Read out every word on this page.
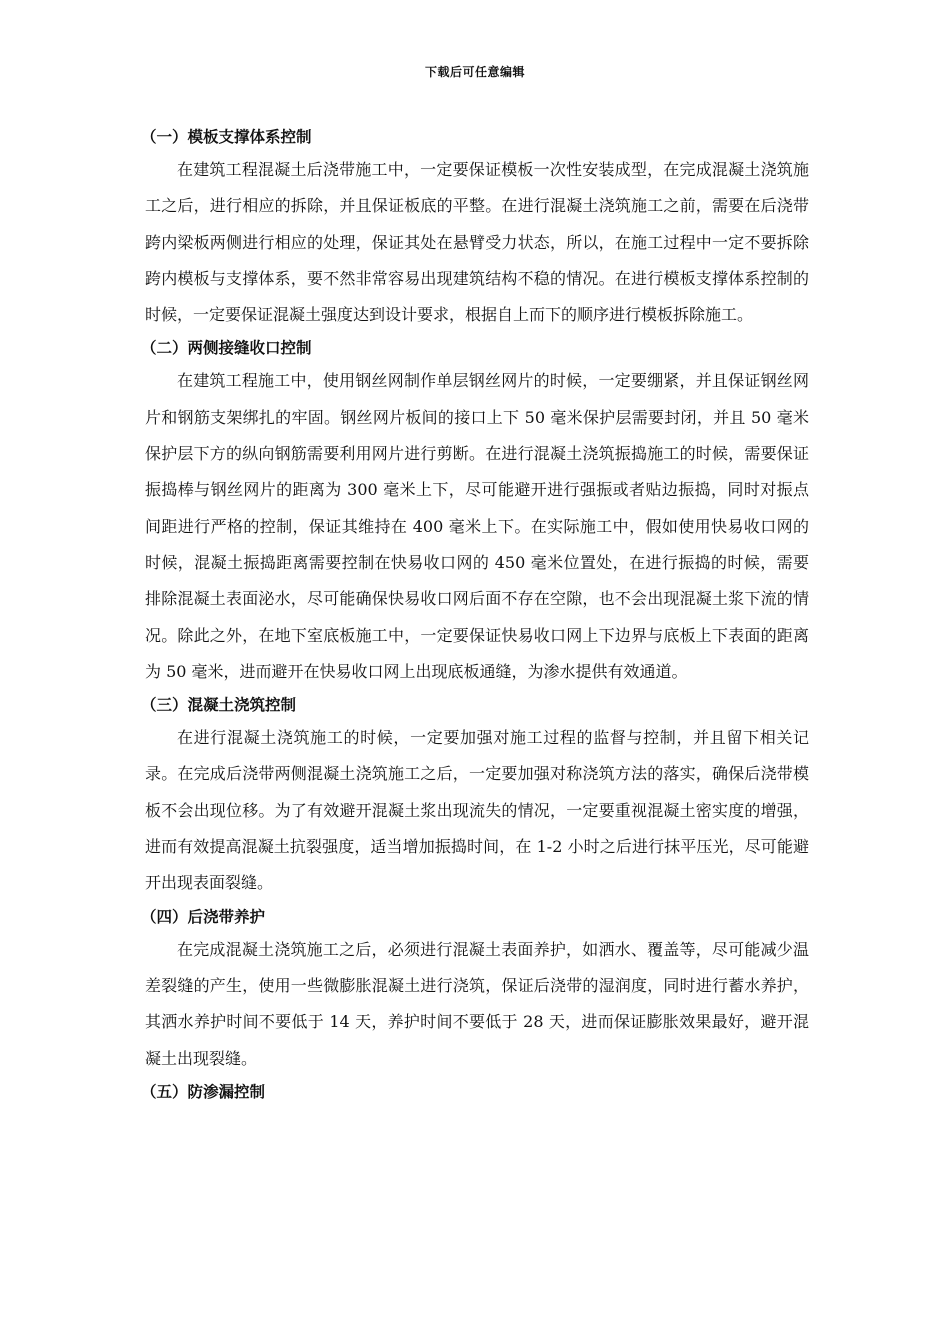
下载后可任意编辑
（一）模板支撑体系控制

在建筑工程混凝土后浇带施工中，一定要保证模板一次性安装成型，在完成混凝土浇筑施工之后，进行相应的拆除，并且保证板底的平整。在进行混凝土浇筑施工之前，需要在后浇带跨内梁板两侧进行相应的处理，保证其处在悬臂受力状态，所以，在施工过程中一定不要拆除跨内模板与支撑体系，要不然非常容易出现建筑结构不稳的情况。在进行模板支撑体系控制的时候，一定要保证混凝土强度达到设计要求，根据自上而下的顺序进行模板拆除施工。

（二）两侧接缝收口控制

在建筑工程施工中，使用钢丝网制作单层钢丝网片的时候，一定要绷紧，并且保证钢丝网片和钢筋支架绑扎的牢固。钢丝网片板间的接口上下 50 毫米保护层需要封闭，并且 50 毫米保护层下方的纵向钢筋需要利用网片进行剪断。在进行混凝土浇筑振捣施工的时候，需要保证振捣棒与钢丝网片的距离为 300 毫米上下，尽可能避开进行强振或者贴边振捣，同时对振点间距进行严格的控制，保证其维持在 400 毫米上下。在实际施工中，假如使用快易收口网的时候，混凝土振捣距离需要控制在快易收口网的 450 毫米位置处，在进行振捣的时候，需要排除混凝土表面泌水，尽可能确保快易收口网后面不存在空隙，也不会出现混凝土浆下流的情况。除此之外，在地下室底板施工中，一定要保证快易收口网上下边界与底板上下表面的距离为 50 毫米，进而避开在快易收口网上出现底板通缝，为渗水提供有效通道。

（三）混凝土浇筑控制

在进行混凝土浇筑施工的时候，一定要加强对施工过程的监督与控制，并且留下相关记录。在完成后浇带两侧混凝土浇筑施工之后，一定要加强对称浇筑方法的落实，确保后浇带模板不会出现位移。为了有效避开混凝土浆出现流失的情况，一定要重视混凝土密实度的增强，进而有效提高混凝土抗裂强度，适当增加振捣时间，在 1-2 小时之后进行抹平压光，尽可能避开出现表面裂缝。

（四）后浇带养护

在完成混凝土浇筑施工之后，必须进行混凝土表面养护，如洒水、覆盖等，尽可能减少温差裂缝的产生，使用一些微膨胀混凝土进行浇筑，保证后浇带的湿润度，同时进行蓄水养护，其洒水养护时间不要低于 14 天，养护时间不要低于 28 天，进而保证膨胀效果最好，避开混凝土出现裂缝。

（五）防渗漏控制
